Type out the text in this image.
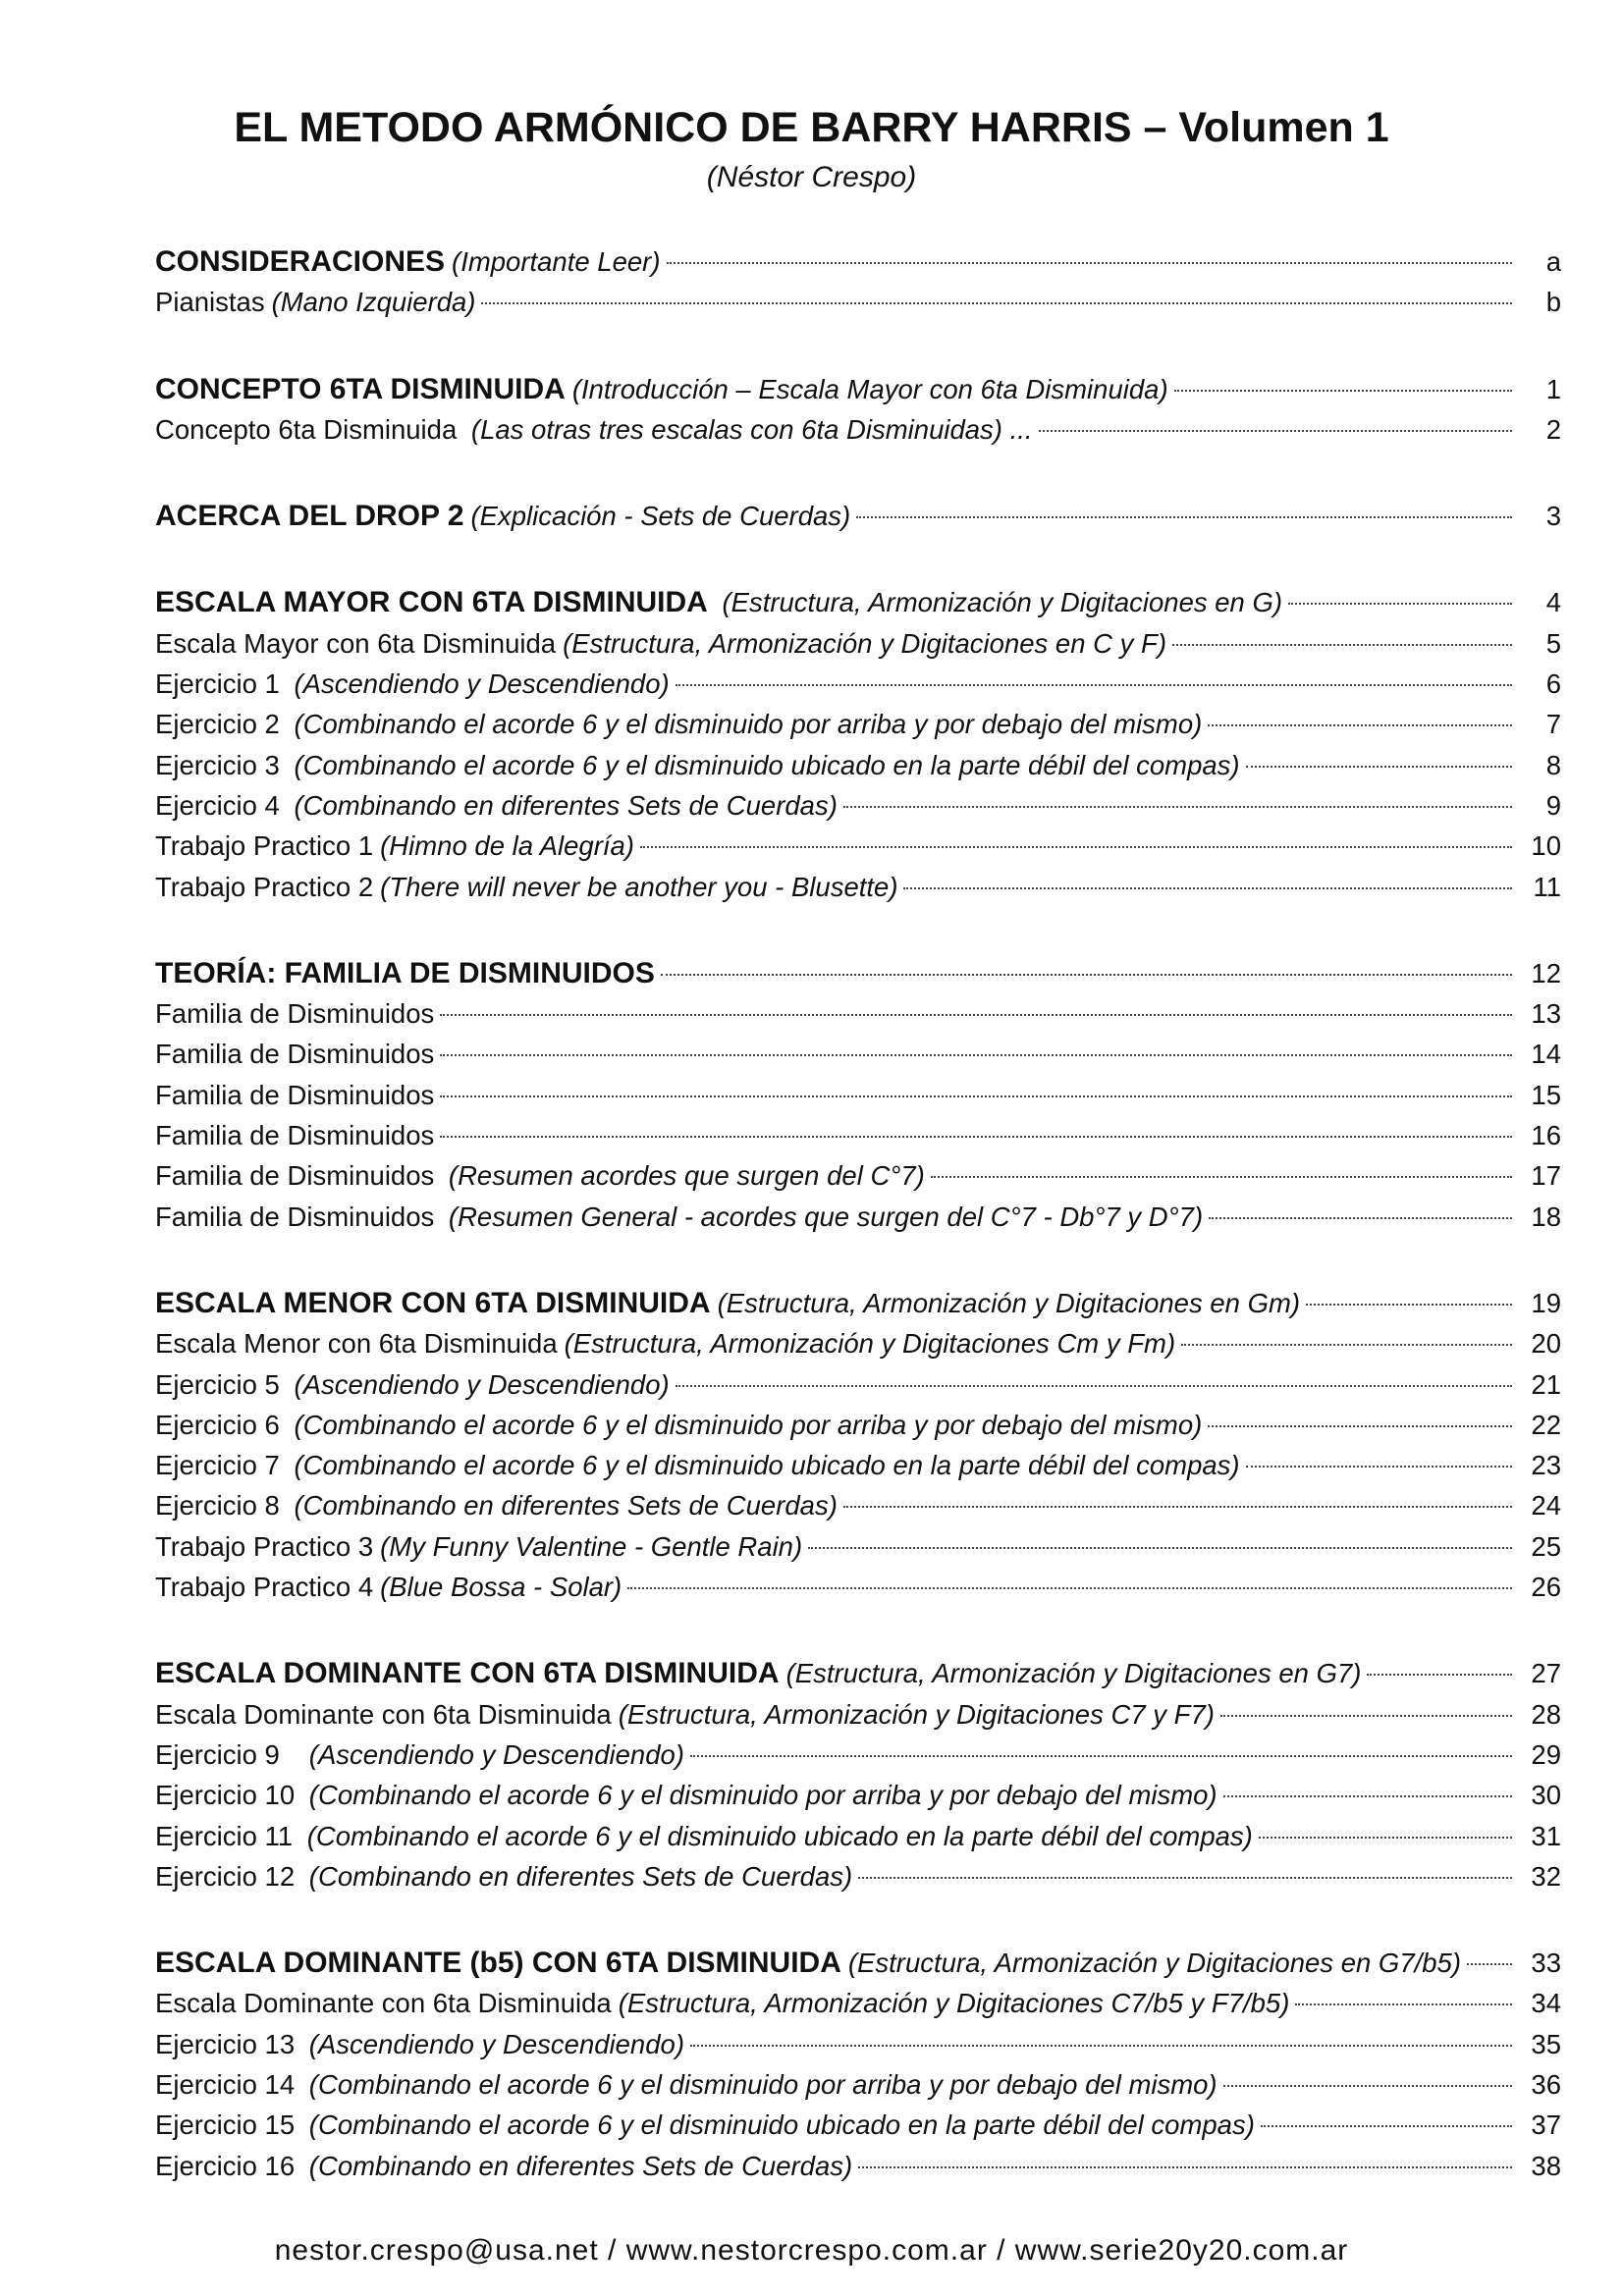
EL METODO ARMÓNICO DE BARRY HARRIS – Volumen 1
(Néstor Crespo)
CONSIDERACIONES (Importante Leer)	a
Pianistas (Mano Izquierda)	b
CONCEPTO 6TA DISMINUIDA (Introducción – Escala Mayor con 6ta Disminuida)	1
Concepto 6ta Disminuida (Las otras tres escalas con 6ta Disminuidas) ...	2
ACERCA DEL DROP 2 (Explicación - Sets de Cuerdas)	3
ESCALA MAYOR CON 6TA DISMINUIDA (Estructura, Armonización y Digitaciones en G)	4
Escala Mayor con 6ta Disminuida (Estructura, Armonización y Digitaciones en C y F)	5
Ejercicio 1 (Ascendiendo y Descendiendo)	6
Ejercicio 2 (Combinando el acorde 6 y el disminuido por arriba y por debajo del mismo)	7
Ejercicio 3 (Combinando el acorde 6 y el disminuido ubicado en la parte débil del compas)	8
Ejercicio 4 (Combinando en diferentes Sets de Cuerdas)	9
Trabajo Practico 1 (Himno de la Alegría)	10
Trabajo Practico 2 (There will never be another you - Blusette)	11
TEORÍA: FAMILIA DE DISMINUIDOS	12
Familia de Disminuidos	13
Familia de Disminuidos	14
Familia de Disminuidos	15
Familia de Disminuidos	16
Familia de Disminuidos (Resumen acordes que surgen del C°7)	17
Familia de Disminuidos (Resumen General - acordes que surgen del C°7 - Db°7 y D°7)	18
ESCALA MENOR CON 6TA DISMINUIDA (Estructura, Armonización y Digitaciones en Gm)	19
Escala Menor con 6ta Disminuida (Estructura, Armonización y Digitaciones Cm y Fm)	20
Ejercicio 5 (Ascendiendo y Descendiendo)	21
Ejercicio 6 (Combinando el acorde 6 y el disminuido por arriba y por debajo del mismo)	22
Ejercicio 7 (Combinando el acorde 6 y el disminuido ubicado en la parte débil del compas)	23
Ejercicio 8 (Combinando en diferentes Sets de Cuerdas)	24
Trabajo Practico 3 (My Funny Valentine - Gentle Rain)	25
Trabajo Practico 4 (Blue Bossa - Solar)	26
ESCALA DOMINANTE CON 6TA DISMINUIDA (Estructura, Armonización y Digitaciones en G7)	27
Escala Dominante con 6ta Disminuida (Estructura, Armonización y Digitaciones C7 y F7)	28
Ejercicio 9   (Ascendiendo y Descendiendo)	29
Ejercicio 10 (Combinando el acorde 6 y el disminuido por arriba y por debajo del mismo)	30
Ejercicio 11 (Combinando el acorde 6 y el disminuido ubicado en la parte débil del compas)	31
Ejercicio 12 (Combinando en diferentes Sets de Cuerdas)	32
ESCALA DOMINANTE (b5) CON 6TA DISMINUIDA (Estructura, Armonización y Digitaciones en G7/b5)	33
Escala Dominante con 6ta Disminuida (Estructura, Armonización y Digitaciones C7/b5 y F7/b5)	34
Ejercicio 13 (Ascendiendo y Descendiendo)	35
Ejercicio 14 (Combinando el acorde 6 y el disminuido por arriba y por debajo del mismo)	36
Ejercicio 15 (Combinando el acorde 6 y el disminuido ubicado en la parte débil del compas)	37
Ejercicio 16 (Combinando en diferentes Sets de Cuerdas)	38
nestor.crespo@usa.net / www.nestorcrespo.com.ar / www.serie20y20.com.ar
